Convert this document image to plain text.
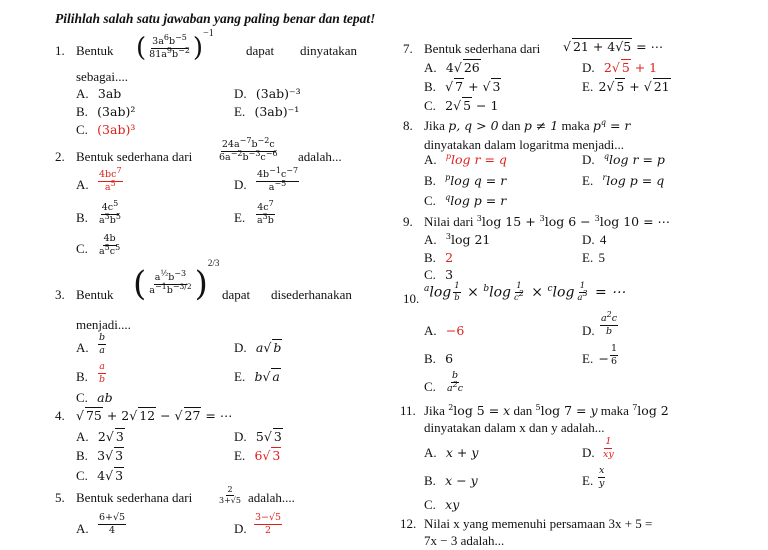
Pilihlah salah satu jawaban yang paling benar dan tepat!
1. Bentuk ( $\frac{3a^6b^{-5}}{81a^9b^{-2}} )^{-1}$
dapat dinyatakan
sebagai....
A. 3ab	D. (3ab)⁻³
B. (3ab)²	E. (3ab)⁻¹
C. (3ab)³
2. Bentuk sederhana dari	$\frac{24a^{-7}b^{-2}c}{6a^{-2}b^{-3}c^{-6}}$ adalah...
A. $\frac{4bc^7}{a^5}$	D. $\frac{4b^{-1}c^{-7}}{a^{-5}}$
B. $\frac{4c^5}{a^3b^5}$	E. $\frac{4c^7}{a^3b}$
C. $\frac{4b}{a^5c^5}$
3. Bentuk ( $\frac{a^{\frac{1}{2}}b^{-3}}{a^{-1}b^{-3/2}} )^{2/3}$
dapat disederhanakan
menjadi....
A. $\frac{b}{a}$	D. a√ b
B. $\frac{a}{b}$	E. b√ a
C. ab
4. √ 75 + 2√ 12 − √ 27 = ⋯
A. 2√ 3	D. 5√ 3
B. 3√ 3	E. 6√ 3
C. 4√ 3
5. Bentuk sederhana dari	$\frac{2}{3+√5}$ adalah....
A. $\frac{6+√5}{4}$	D. $\frac{3-√5}{2}$
7. Bentuk sederhana dari √ 21 + 4√5 = ⋯
A. 4√ 26	D. 2√ 5 + 1
B. √ 7 + √ 3	E. 2√ 5 + √ 21
C. 2√ 5 − 1
8. Jika p, q > 0 dan p ≠ 1 maka $p^q = r$
dinyatakan dalam logaritma menjadi...
A. $^p$log r = q	D. $^q$log r = p
B. $^p$log q = r	E. $^r$log p = q
C. $^q$log p = r
9. Nilai dari $^3$log 15 + $^3$log 6 − $^3$log 10 = ⋯
A. $^3$log 21	D. 4
B. 2	E. 5
C. 3
10.
$^a\log \frac{1}{b} \times ^b\log \frac{1}{c^2} \times ^c\log \frac{1}{a^3}$ = ⋯
A. −6	D. $\frac{a^2c}{b}$
B. 6	E. − $\frac{1}{6}$
C. $\frac{b}{a^2c}$
11. Jika $^2$log 5 = x dan $^5$log 7 = y maka $^7$log 2
dinyatakan dalam x dan y adalah...
A. x + y	D. $\frac{1}{xy}$
B. x − y	E. $\frac{x}{y}$
C. xy
12. Nilai x yang memenuhi persamaan 3x + 5 =
7x − 3 adalah...
